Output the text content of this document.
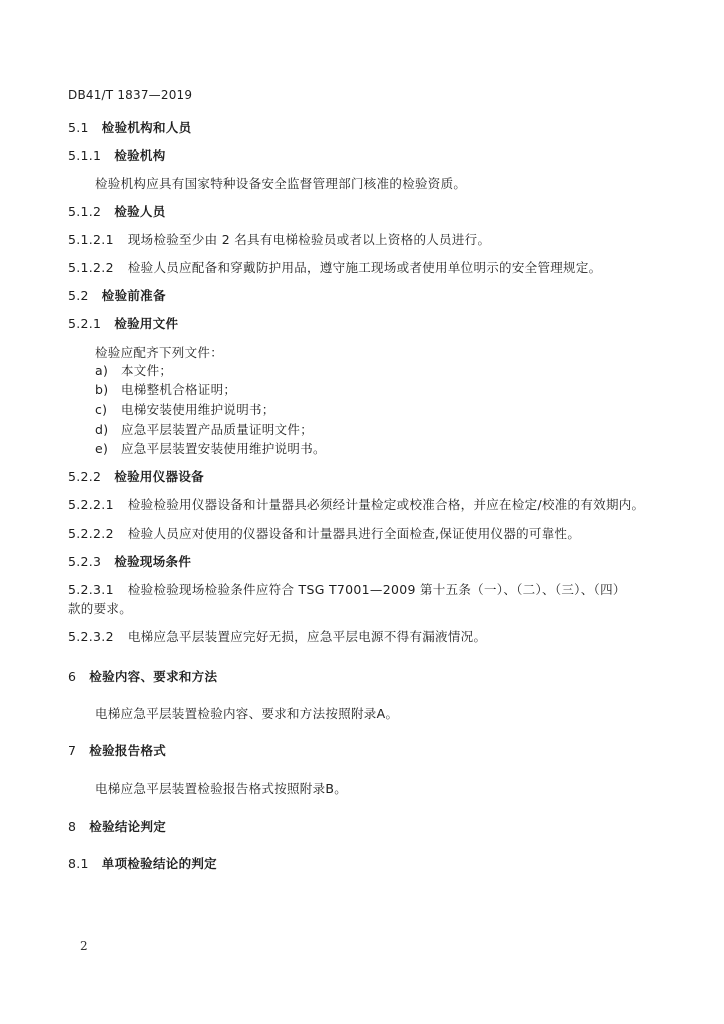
DB41/T 1837—2019
5.1 检验机构和人员
5.1.1 检验机构
检验机构应具有国家特种设备安全监督管理部门核准的检验资质。
5.1.2 检验人员
5.1.2.1 现场检验至少由 2 名具有电梯检验员或者以上资格的人员进行。
5.1.2.2 检验人员应配备和穿戴防护用品，遵守施工现场或者使用单位明示的安全管理规定。
5.2 检验前准备
5.2.1 检验用文件
检验应配齐下列文件：
a) 本文件；
b) 电梯整机合格证明；
c) 电梯安装使用维护说明书；
d) 应急平层装置产品质量证明文件；
e) 应急平层装置安装使用维护说明书。
5.2.2 检验用仪器设备
5.2.2.1 检验检验用仪器设备和计量器具必须经计量检定或校准合格，并应在检定/校准的有效期内。
5.2.2.2 检验人员应对使用的仪器设备和计量器具进行全面检查,保证使用仪器的可靠性。
5.2.3 检验现场条件
5.2.3.1 检验检验现场检验条件应符合 TSG T7001—2009 第十五条（一）、（二）、（三）、（四）
款的要求。
5.2.3.2 电梯应急平层装置应完好无损，应急平层电源不得有漏液情况。
6 检验内容、要求和方法
电梯应急平层装置检验内容、要求和方法按照附录A。
7 检验报告格式
电梯应急平层装置检验报告格式按照附录B。
8 检验结论判定
8.1 单项检验结论的判定
2
